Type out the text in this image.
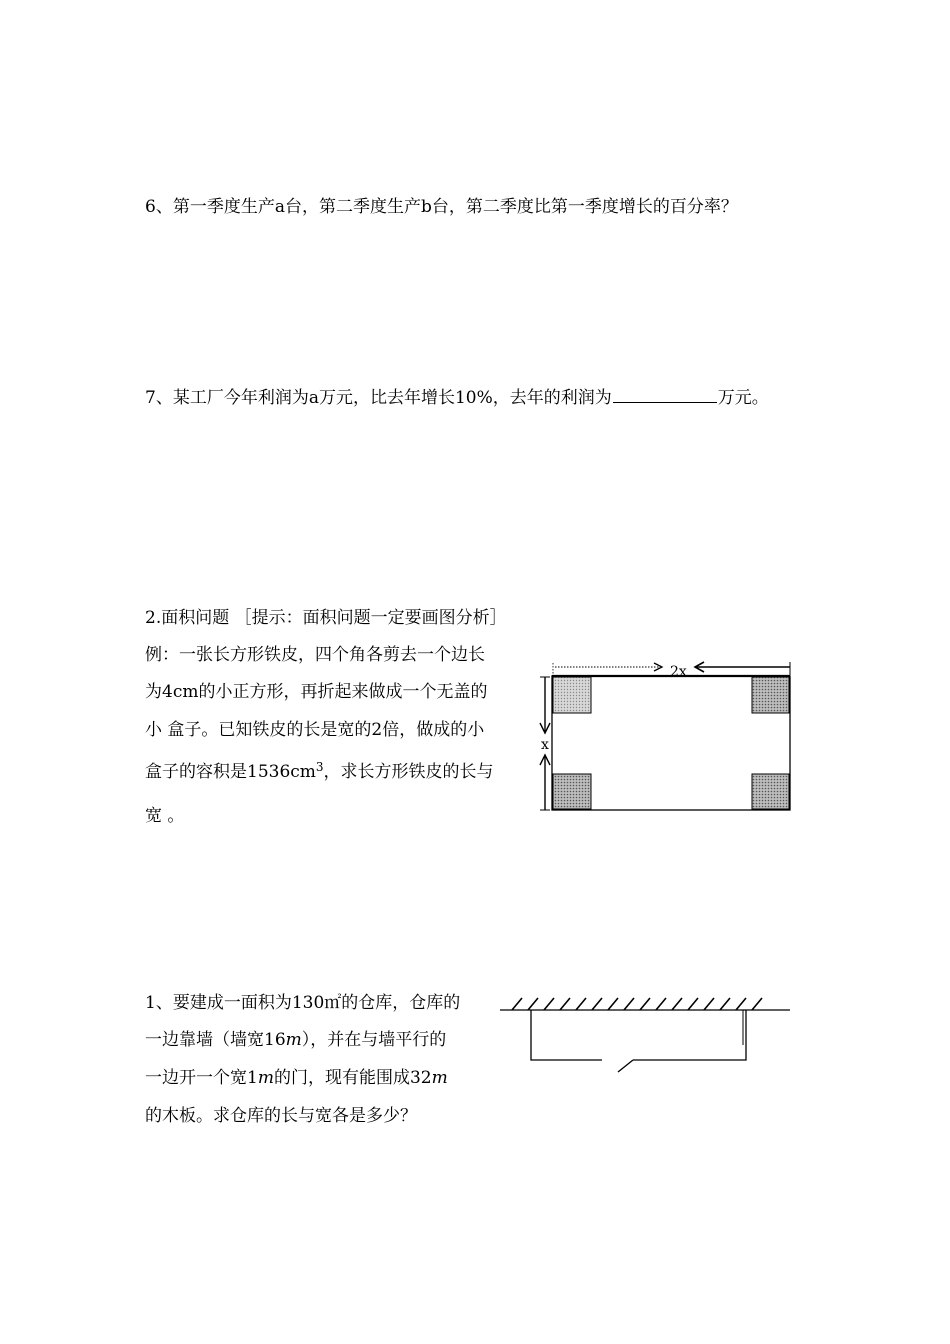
6、第一季度生产a台，第二季度生产b台，第二季度比第一季度增长的百分率？
7、某工厂今年利润为a万元，比去年增长10%，去年的利润为	万元。
2.面积问题 ［提示：面积问题一定要画图分析］
例：一张长方形铁皮，四个角各剪去一个边长
为4cm的小正方形，再折起来做成一个无盖的
小 盒子。已知铁皮的长是宽的2倍，做成的小
盒子的容积是$1536cm^3$，求长方形铁皮的长与
宽 。
2x
x
1、要建成一面积为130㎡的仓库，仓库的
一边靠墙（墙宽16m），并在与墙平行的
一边开一个宽1m的门，现有能围成32m
的木板。求仓库的长与宽各是多少？
